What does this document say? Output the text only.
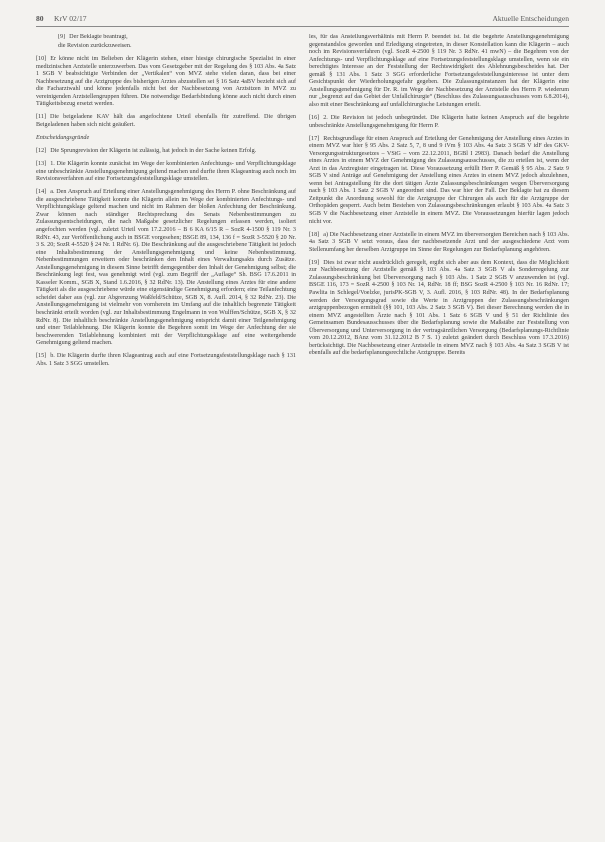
80 KrV 02/17	Aktuelle Entscheidungen

[9] Der Beklagte beantragt,

die Revision zurückzuweisen.

[10] Er könne nicht im Belieben der Klägerin stehen, einer hiesige chirurgische Spezialist in einer medizinischen Arztstelle unterzuwerben. Das vom Gesetzgeber mit der Regelung des § 103 Abs. 4a Satz 1 SGB V beabsichtigte Verbinden der „Vertikalen“ von MVZ stehe vielen daran, dass bei einer Nachbesetzung auf die Arztgruppe des bisherigen Arztes abzustellen sei § 16 Satz 4aBV bezieht sich auf die Facharztwahl und könne jedenfalls nicht bei der Nachbesetzung von Arztsitzen in MVZ zu vereinigenden Arztstellengruppen führen. Die notwendige Bedarfsbindung könne auch nicht durch einen Tätigkeitsbezug ersetzt werden.

[11] Die beigeladene KAV hält das angefochtene Urteil ebenfalls für zutreffend. Die übrigen Beigeladenen haben sich nicht geäußert.

Entscheidungsgründe

[12] Die Sprungrevision der Klägerin ist zulässig, hat jedoch in der Sache keinen Erfolg.

[13] 1. Die Klägerin konnte zunächst im Wege der kombinierten Anfechtungs- und Verpflichtungsklage eine unbeschränkte Anstellungsgenehmigung geltend machen und durfte ihren Klageantrag auch noch im Revisionsverfahren auf eine Fortsetzungsfeststellungsklage umstellen.

[14] a. Den Anspruch auf Erteilung einer Anstellungsgenehmigung des Herrn P. ohne Beschränkung auf die ausgeschriebene Tätigkeit konnte die Klägerin allein im Wege der kombinierten Anfechtungs- und Verpflichtungsklage geltend machen und nicht im Rahmen der bloßen Anfechtung der Beschränkung. Zwar können nach ständiger Rechtsprechung des Senats Nebenbestimmungen zu Zulassungsentscheidungen, die nach Maßgabe gesetzlicher Regelungen erlassen werden, isoliert angefochten werden (vgl. zuletzt Urteil vom 17.2.2016 – B 6 KA 6/15 R – SozR 4-1500 § 119 Nr. 3 RdNr. 43, zur Veröffentlichung auch in BSGE vorgesehen; BSGE 89, 134, 136 f = SozR 3-5520 § 20 Nr. 3 S. 20; SozR 4-5520 § 24 Nr. 1 RdNr. 6). Die Beschränkung auf die ausgeschriebene Tätigkeit ist jedoch eine Inhaltsbestimmung der Anstellungsgenehmigung und keine Nebenbestimmung. Nebenbestimmungen erweitern oder beschränken den Inhalt eines Verwaltungsakts durch Zusätze. Anstellungsgenehmigung in diesem Sinne betrifft demgegenüber den Inhalt der Genehmigung selbst; die Beschränkung legt fest, was genehmigt wird (vgl. zum Begriff der „Auflage“ Sh. BSG 17.6.2011 in Kasseler Komm., SGB X, Stand 1.6.2016, § 32 RdNr. 13). Die Anstellung eines Arztes für eine andere Tätigkeit als die ausgeschriebene würde eine eigenständige Genehmigung erfordern; eine Teilanfechtung scheidet daher aus (vgl. zur Abgrenzung Waßfeld/Schütze, SGB X, 8. Aufl. 2014, § 32 RdNr. 23). Die Anstellungsgenehmigung ist vielmehr von vornherein im Umfang auf die inhaltlich begrenzte Tätigkeit beschränkt erteilt worden (vgl. zur Inhaltsbestimmung Engelmann in von Wulffen/Schütze, SGB X, § 32 RdNr. 8). Die inhaltlich beschränkte Anstellungsgenehmigung entspricht damit einer Teilgenehmigung und einer Teilablehnung. Die Klägerin konnte die Begehren somit im Wege der Anfechtung der sie beschwerenden Teilablehnung kombiniert mit der Verpflichtungsklage auf eine weitergehende Genehmigung geltend machen.

[15] b. Die Klägerin durfte ihren Klageantrag auch auf eine Fortsetzungsfeststellungsklage nach § 131 Abs. 1 Satz 3 SGG umstellen.

les, für das Anstellungsverhältnis mit Herrn P. beendet ist. Ist die begehrte Anstellungsgenehmigung gegenstandslos geworden und Erledigung eingetreten, in dieser Konstellation kann die Klägerin – auch noch im Revisionsverfahren (vgl. SozR 4-2500 § 119 Nr. 3 RdNr. 41 mwN) – die Begehren von der Anfechtungs- und Verpflichtungsklage auf eine Fortsetzungsfeststellungsklage umstellen, wenn sie ein berechtigtes Interesse an der Feststellung der Rechtswidrigkeit des Ablehnungsbescheides hat. Der gemäß § 131 Abs. 1 Satz 3 SGG erforderliche Fortsetzungsfeststellungsinteresse ist unter dem Gesichtspunkt der Wiederholungsgefahr gegeben. Die Zulassungsinstanzen hat der Klägerin eine Anstellungsgenehmigung für Dr. R. im Wege der Nachbesetzung der Arztstelle des Herrn P. wiederum nur „begrenzt auf das Gebiet der Unfallchirurgie“ (Beschluss des Zulassungsausschusses vom 6.8.2014), also mit einer Beschränkung auf unfallchirurgische Leistungen erteilt.

[16] 2. Die Revision ist jedoch unbegründet. Die Klägerin hatte keinen Anspruch auf die begehrte unbeschränkte Anstellungsgenehmigung für Herrn P.

[17] Rechtsgrundlage für einen Anspruch auf Erteilung der Genehmigung der Anstellung eines Arztes in einem MVZ war hier § 95 Abs. 2 Satz 5, 7, 8 und 9 iVm § 103 Abs. 4a Satz 3 SGB V idF des GKV-Versorgungsstrukturgesetzes – VStG – vom 22.12.2011, BGBl I 2983). Danach bedarf die Anstellung eines Arztes in einem MVZ der Genehmigung des Zulassungsausschusses, die zu erteilen ist, wenn der Arzt in das Arztregister eingetragen ist. Diese Voraussetzung erfüllt Herr P. Gemäß § 95 Abs. 2 Satz 9 SGB V sind Anträge auf Genehmigung der Anstellung eines Arztes in einem MVZ jedoch abzulehnen, wenn bei Antragstellung für die dort tätigen Ärzte Zulassungsbeschränkungen wegen Überversorgung nach § 103 Abs. 1 Satz 2 SGB V angeordnet sind. Das war hier der Fall. Der Beklagte hat zu diesem Zeitpunkt die Anordnung sowohl für die Arztgruppe der Chirurgen als auch für die Arztgruppe der Orthopäden gesperrt. Auch beim Bestehen von Zulassungsbeschränkungen erlaubt § 103 Abs. 4a Satz 3 SGB V die Nachbesetzung einer Arztstelle in einem MVZ. Die Voraussetzungen hierfür lagen jedoch nicht vor.

[18] a) Die Nachbesetzung einer Arztstelle in einem MVZ im überversorgten Bereichen nach § 103 Abs. 4a Satz 3 SGB V setzt voraus, dass der nachbesetzende Arzt und der ausgeschiedene Arzt vom Stellenumfang her derselben Arztgruppe im Sinne der Regelungen zur Bedarfsplanung angehören.

[19] Dies ist zwar nicht ausdrücklich geregelt, ergibt sich aber aus dem Kontext, dass die Möglichkeit zur Nachbesetzung der Arztstelle gemäß § 103 Abs. 4a Satz 3 SGB V als Sonderregelung zur Zulassungsbeschränkung bei Überversorgung nach § 103 Abs. 1 Satz 2 SGB V anzuwenden ist (vgl. BSGE 116, 173 = SozR 4-2500 § 103 Nr. 14, RdNr. 18 ff; BSG SozR 4-2500 § 103 Nr. 16 RdNr. 17; Pawlita in Schlegel/Voelzke, jurisPK-SGB V, 3. Aufl. 2016, § 103 RdNr. 48). In der Bedarfsplanung werden der Versorgungsgrad sowie die Werte in Arztgruppen der Zulassungsbeschränkungen arztgruppenbezogen ermittelt (§§ 101, 103 Abs. 2 Satz 3 SGB V). Bei dieser Berechnung werden die in einem MVZ angestellten Ärzte nach § 101 Abs. 1 Satz 6 SGB V und § 51 der Richtlinie des Gemeinsamen Bundesausschusses über die Bedarfsplanung sowie die Maßstäbe zur Feststellung von Überversorgung und Unterversorgung in der vertragsärztlichen Versorgung (Bedarfsplanungs-Richtlinie vom 20.12.2012, BAnz vom 31.12.2012 B 7 S. 1) zuletzt geändert durch Beschluss vom 17.3.2016) berücksichtigt. Die Nachbesetzung einer Arztstelle in einem MVZ nach § 103 Abs. 4a Satz 3 SGB V ist ebenfalls auf die bedarfsplanungsrechtliche Arztgruppe. Bereits
